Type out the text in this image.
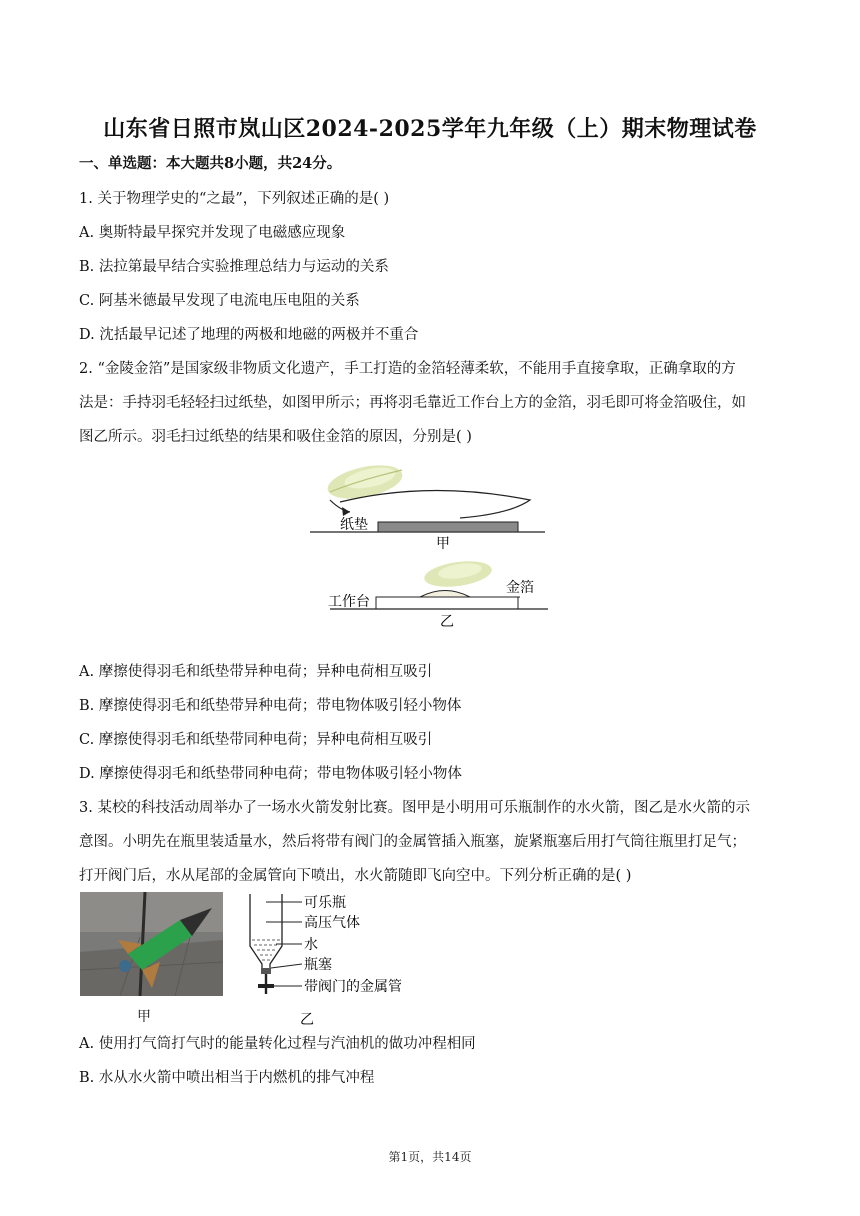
山东省日照市岚山区2024-2025学年九年级（上）期末物理试卷
一、单选题：本大题共8小题，共24分。
1. 关于物理学史的“之最”，下列叙述正确的是( )
A. 奥斯特最早探究并发现了电磁感应现象
B. 法拉第最早结合实验推理总结力与运动的关系
C. 阿基米德最早发现了电流电压电阻的关系
D. 沈括最早记述了地理的两极和地磁的两极并不重合
2. “金陵金箔”是国家级非物质文化遗产，手工打造的金箔轻薄柔软，不能用手直接拿取，正确拿取的方
法是：手持羽毛轻轻扫过纸垫，如图甲所示；再将羽毛靠近工作台上方的金箔，羽毛即可将金箔吸住，如
图乙所示。羽毛扫过纸垫的结果和吸住金箔的原因，分别是( )
纸垫
甲
工作台
金箔
乙
A. 摩擦使得羽毛和纸垫带异种电荷；异种电荷相互吸引
B. 摩擦使得羽毛和纸垫带异种电荷；带电物体吸引轻小物体
C. 摩擦使得羽毛和纸垫带同种电荷；异种电荷相互吸引
D. 摩擦使得羽毛和纸垫带同种电荷；带电物体吸引轻小物体
3. 某校的科技活动周举办了一场水火箭发射比赛。图甲是小明用可乐瓶制作的水火箭，图乙是水火箭的示
意图。小明先在瓶里装适量水，然后将带有阀门的金属管插入瓶塞，旋紧瓶塞后用打气筒往瓶里打足气；
打开阀门后，水从尾部的金属管向下喷出，水火箭随即飞向空中。下列分析正确的是( )
甲
可乐瓶
高压气体
水
瓶塞
带阀门的金属管
乙
A. 使用打气筒打气时的能量转化过程与汽油机的做功冲程相同
B. 水从水火箭中喷出相当于内燃机的排气冲程
第1页，共14页
